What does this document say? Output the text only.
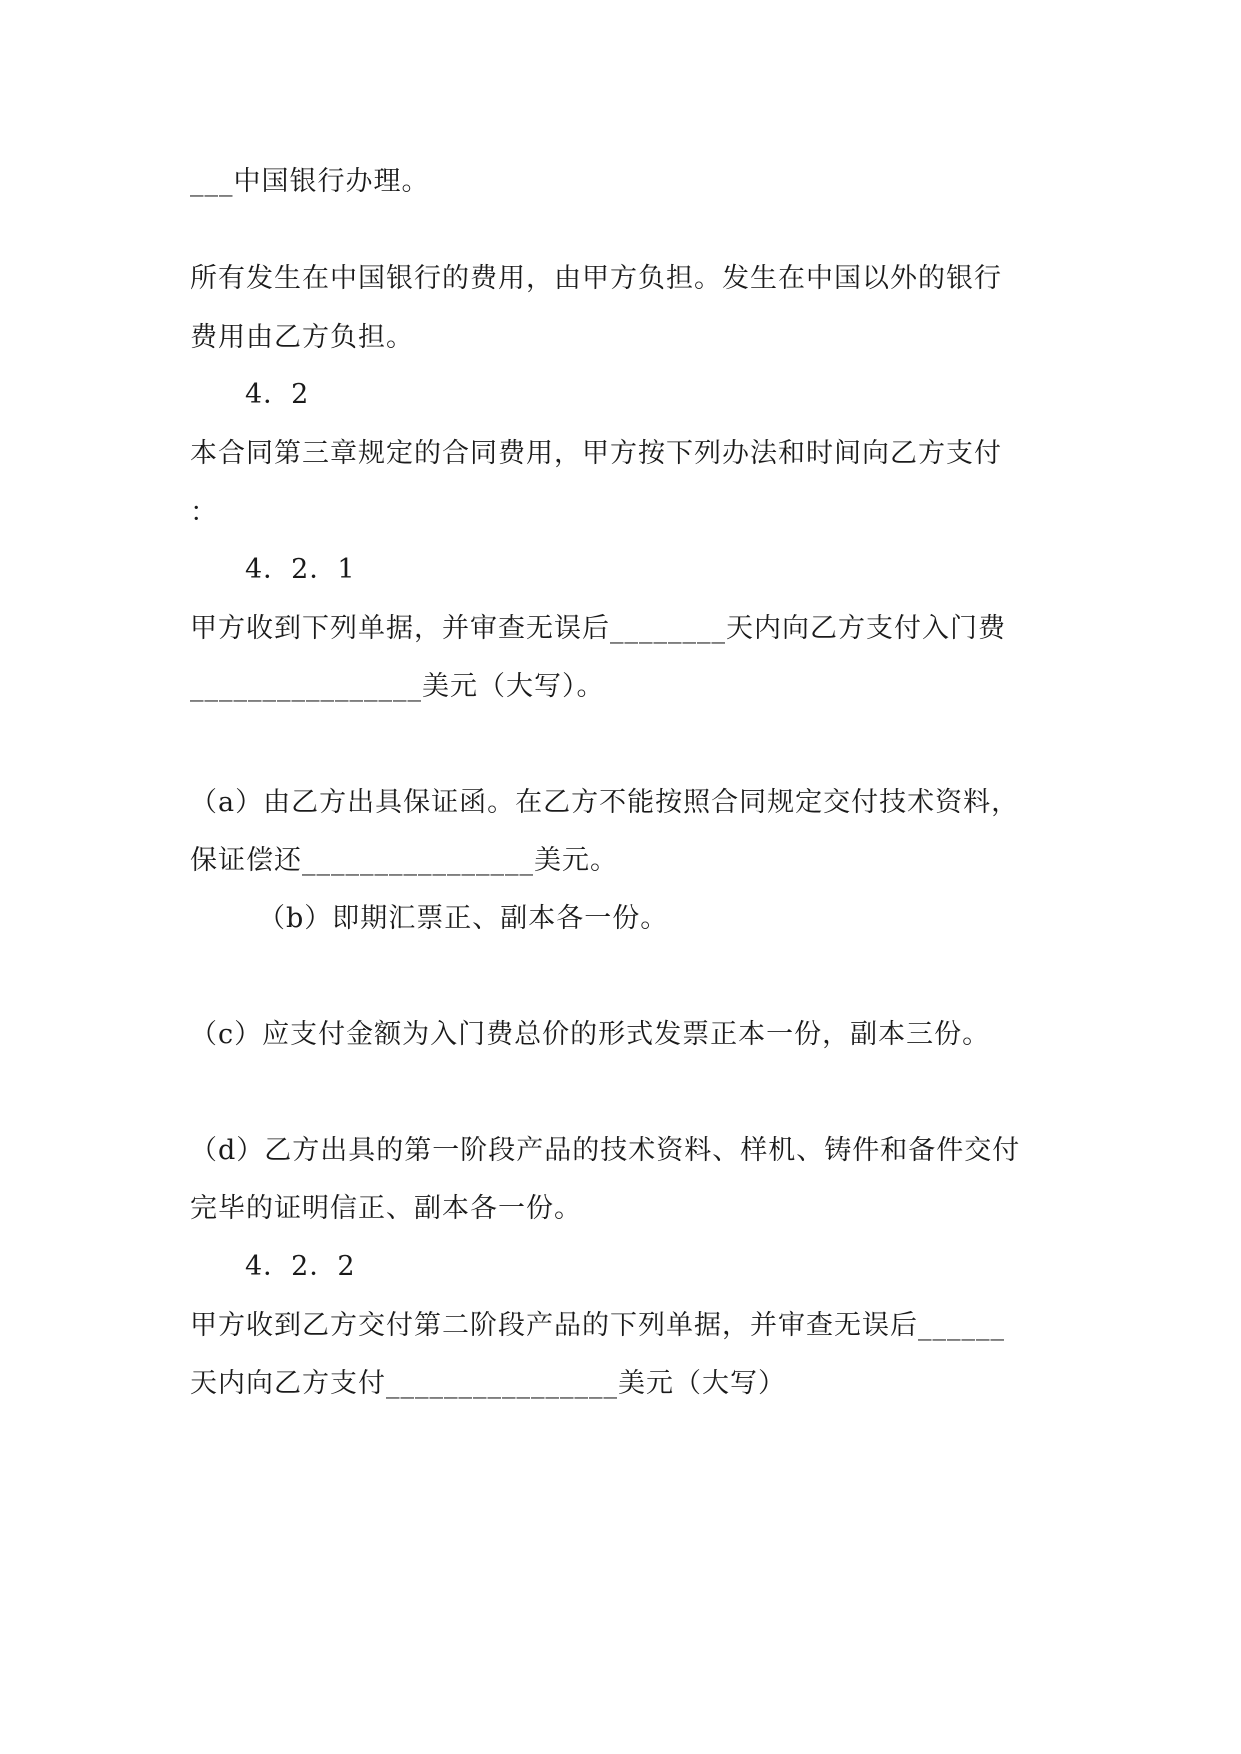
___中国银行办理。
所有发生在中国银行的费用，由甲方负担。发生在中国以外的银行
费用由乙方负担。
4．2
本合同第三章规定的合同费用，甲方按下列办法和时间向乙方支付
：
4．2．1
甲方收到下列单据，并审查无误后________天内向乙方支付入门费
________________美元（大写）。
（a）由乙方出具保证函。在乙方不能按照合同规定交付技术资料，
保证偿还________________美元。
（b）即期汇票正、副本各一份。
（c）应支付金额为入门费总价的形式发票正本一份，副本三份。
（d）乙方出具的第一阶段产品的技术资料、样机、铸件和备件交付
完毕的证明信正、副本各一份。
4．2．2
甲方收到乙方交付第二阶段产品的下列单据，并审查无误后______
天内向乙方支付________________美元（大写）
